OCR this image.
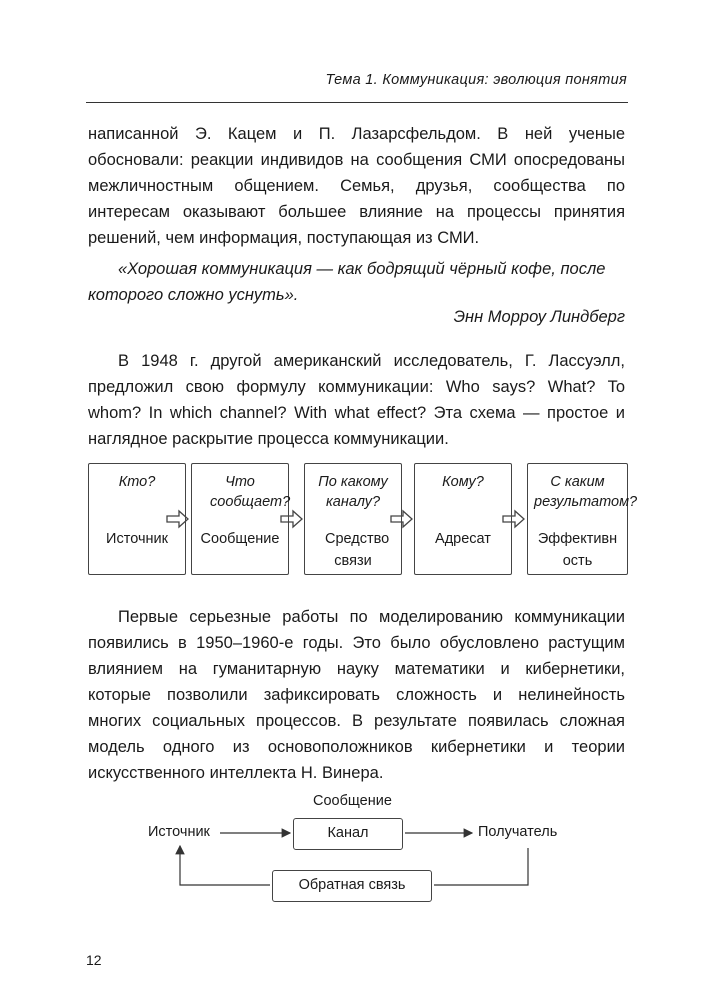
Тема 1. Коммуникация: эволюция понятия

написанной Э. Кацем и П. Лазарсфельдом. В ней ученые обосновали: реакции индивидов на сообщения СМИ опосредованы межличностным общением. Семья, друзья, сообщества по интересам оказывают большее влияние на процессы принятия решений, чем информация, поступающая из СМИ.

«Хорошая коммуникация — как бодрящий чёрный кофе, после которого сложно уснуть».

Энн Морроу Линдберг

В 1948 г. другой американский исследователь, Г. Лассуэлл, предложил свою формулу коммуникации: Who says? What? To whom? In which channel? With what effect? Эта схема — простое и наглядное раскрытие процесса коммуникации.

Кто?
Источник
Что сообщает?
Сообщение
По какому каналу?
Средство связи
Кому?
Адресат
С каким результатом?
Эффективность

Первые серьезные работы по моделированию коммуникации появились в 1950–1960-е годы. Это было обусловлено растущим влиянием на гуманитарную науку математики и кибернетики, которые позволили зафиксировать сложность и нелинейность многих социальных процессов. В результате появилась сложная модель одного из основоположников кибернетики и теории искусственного интеллекта Н. Винера.

Сообщение
Источник	Канал	Получатель
Обратная связь
12
